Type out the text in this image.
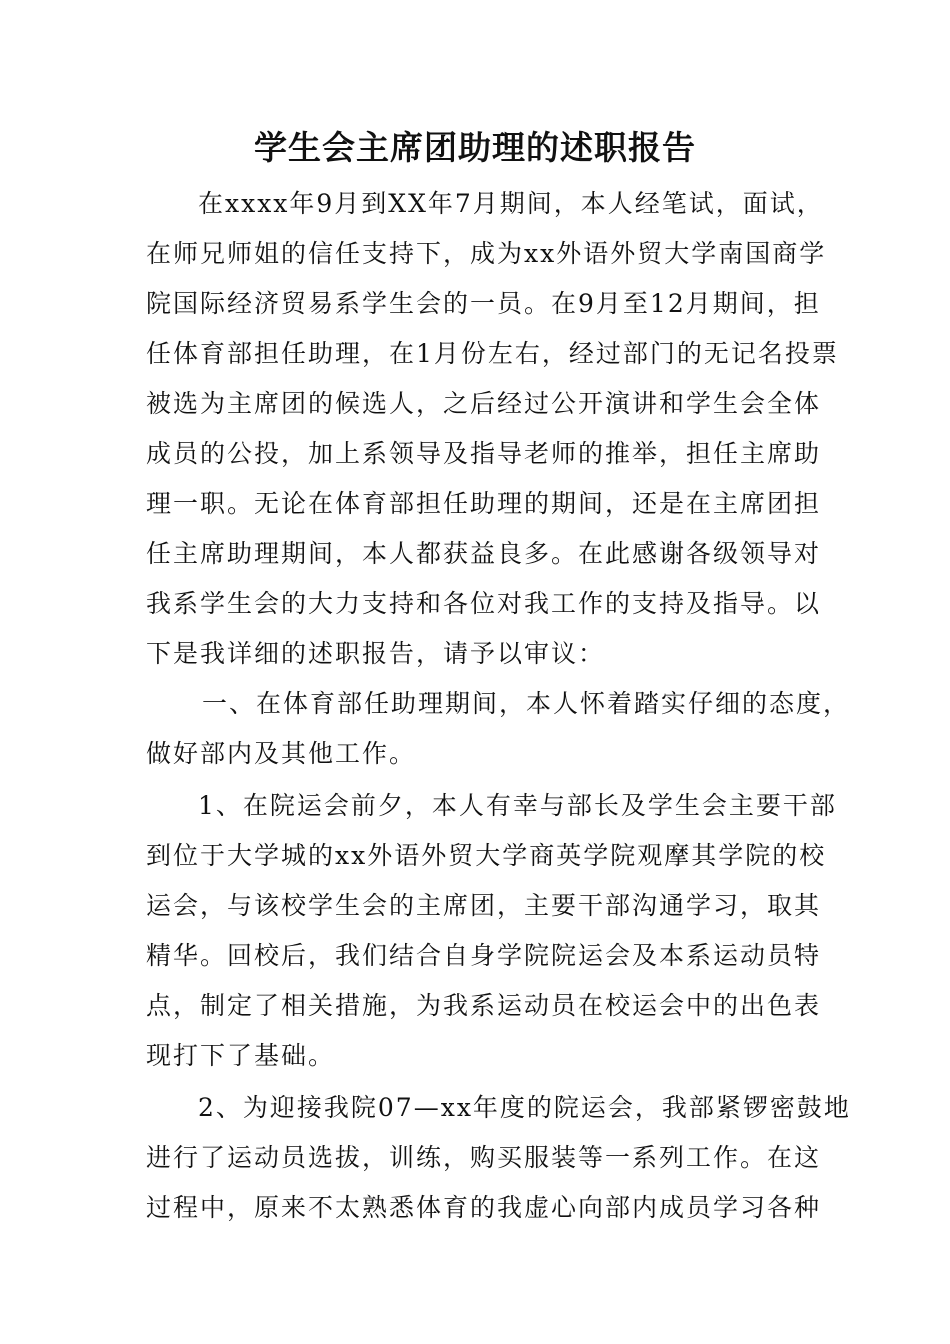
学生会主席团助理的述职报告
在xxxx年9月到XX年7月期间，本人经笔试，面试，
在师兄师姐的信任支持下，成为xx外语外贸大学南国商学
院国际经济贸易系学生会的一员。在9月至12月期间，担
任体育部担任助理，在1月份左右，经过部门的无记名投票
被选为主席团的候选人，之后经过公开演讲和学生会全体
成员的公投，加上系领导及指导老师的推举，担任主席助
理一职。无论在体育部担任助理的期间，还是在主席团担
任主席助理期间，本人都获益良多。在此感谢各级领导对
我系学生会的大力支持和各位对我工作的支持及指导。以
下是我详细的述职报告，请予以审议：
一、在体育部任助理期间，本人怀着踏实仔细的态度，
做好部内及其他工作。
1、在院运会前夕，本人有幸与部长及学生会主要干部
到位于大学城的xx外语外贸大学商英学院观摩其学院的校
运会，与该校学生会的主席团，主要干部沟通学习，取其
精华。回校后，我们结合自身学院院运会及本系运动员特
点，制定了相关措施，为我系运动员在校运会中的出色表
现打下了基础。
2、为迎接我院07—xx年度的院运会，我部紧锣密鼓地
进行了运动员选拔，训练，购买服装等一系列工作。在这
过程中，原来不太熟悉体育的我虚心向部内成员学习各种
